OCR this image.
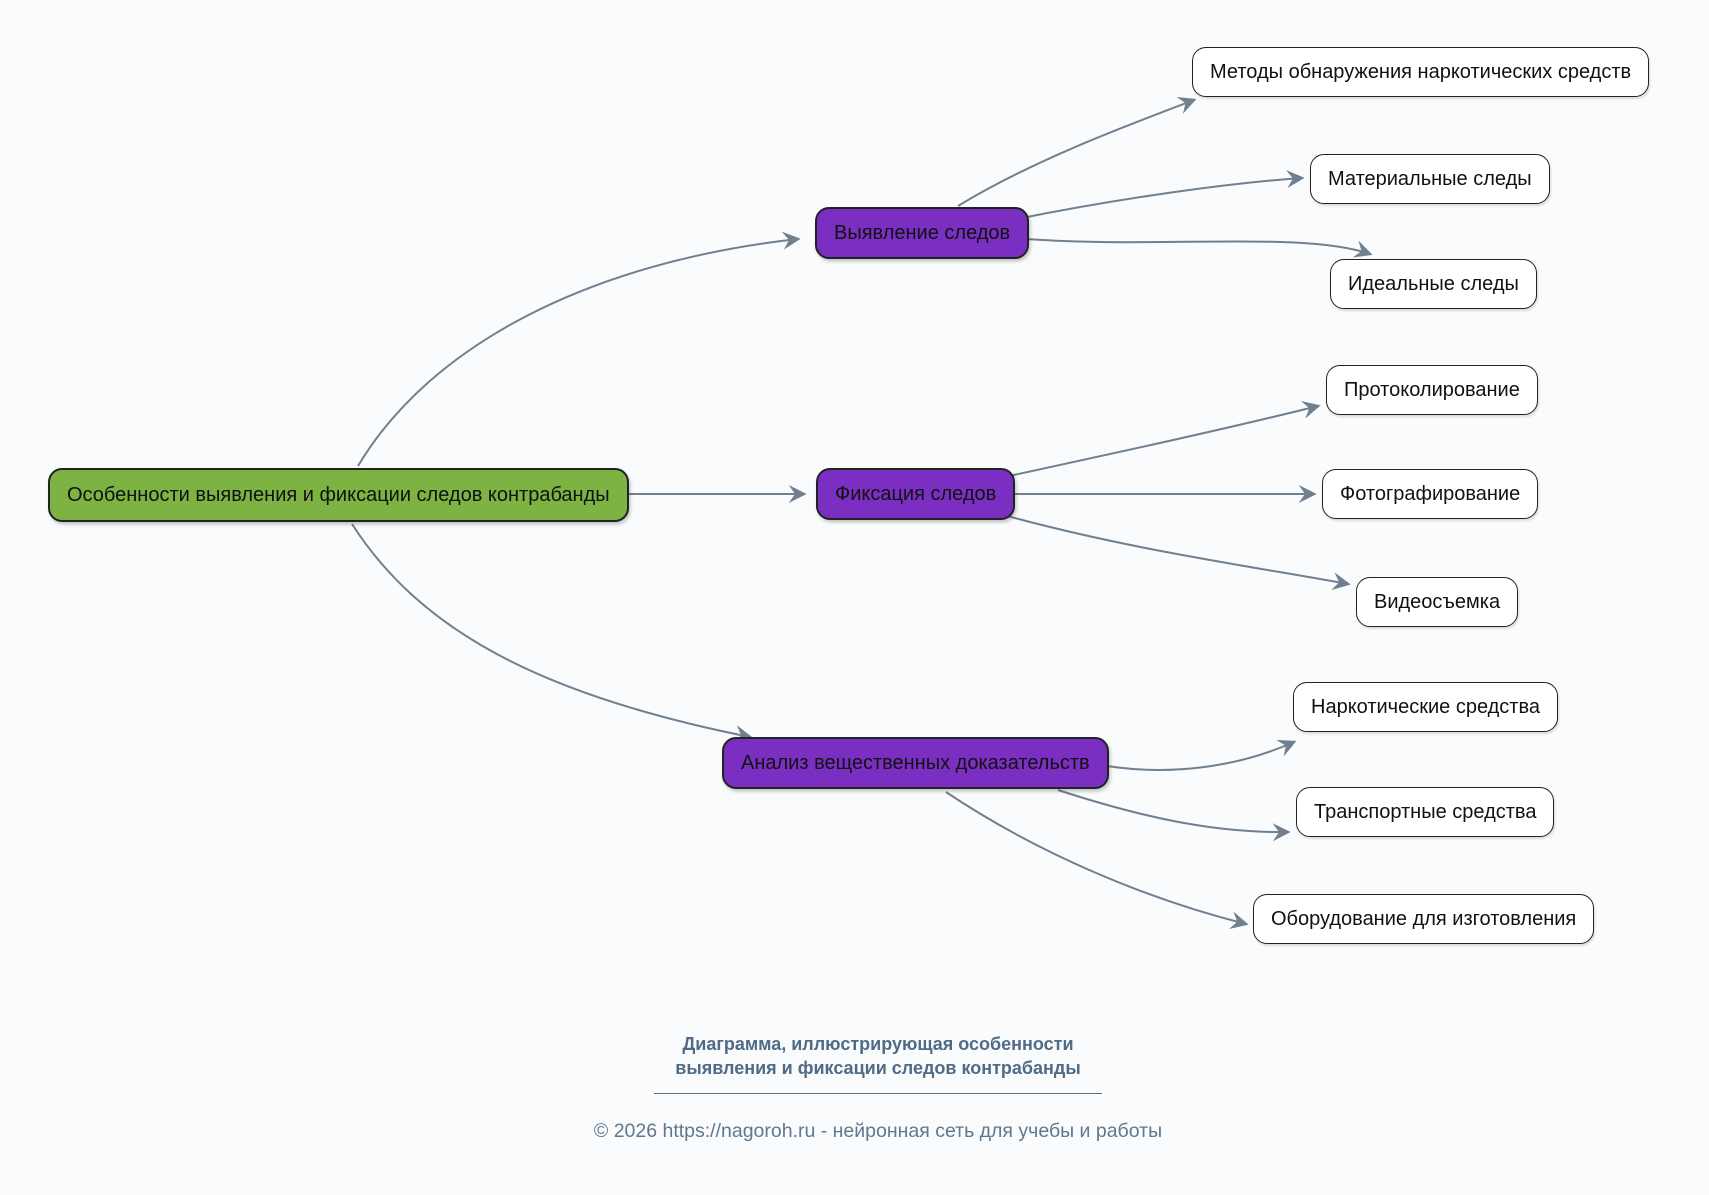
Особенности выявления и фиксации следов контрабанды
Выявление следов
Фиксация следов
Анализ вещественных доказательств
Методы обнаружения наркотических средств
Материальные следы
Идеальные следы
Протоколирование
Фотографирование
Видеосъемка
Наркотические средства
Транспортные средства
Оборудование для изготовления
Диаграмма, иллюстрирующая особенности
выявления и фиксации следов контрабанды
© 2026 https://nagoroh.ru - нейронная сеть для учебы и работы
